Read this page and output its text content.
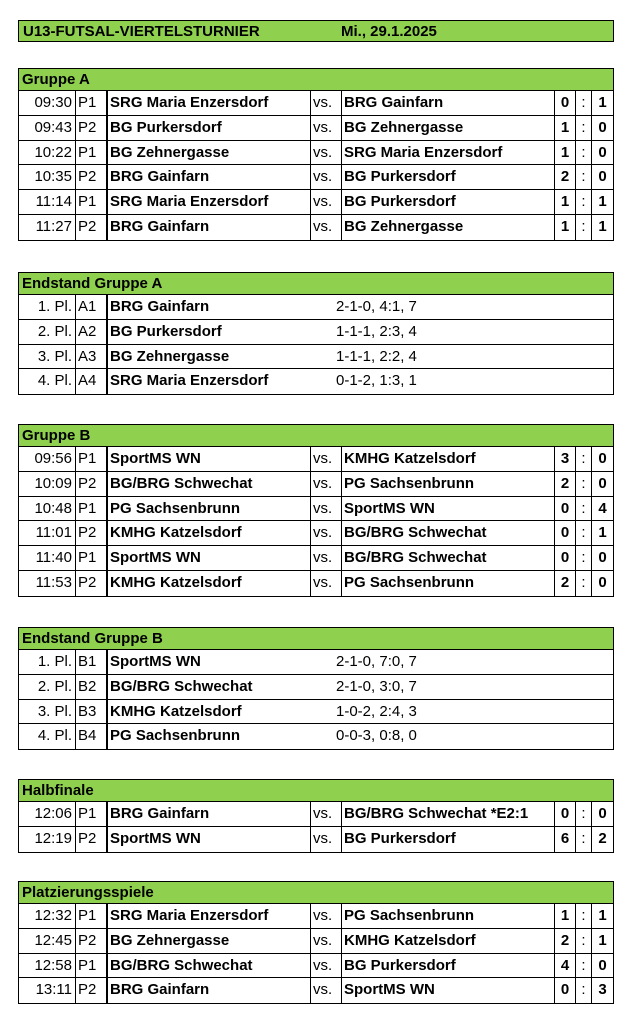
U13-FUTSAL-VIERTELSTURNIER	Mi., 29.1.2025
Gruppe A
09:30 P1 SRG Maria Enzersdorf	vs. BRG Gainfarn	0 : 1
09:43 P2 BG Purkersdorf	vs. BG Zehnergasse	1 : 0
10:22 P1 BG Zehnergasse	vs. SRG Maria Enzersdorf	1 : 0
10:35 P2 BRG Gainfarn	vs. BG Purkersdorf	2 : 0
11:14 P1 SRG Maria Enzersdorf	vs. BG Purkersdorf	1 : 1
11:27 P2 BRG Gainfarn	vs. BG Zehnergasse	1 : 1
Endstand Gruppe A
1. Pl. A1 BRG Gainfarn	2-1-0, 4:1, 7
2. Pl. A2 BG Purkersdorf	1-1-1, 2:3, 4
3. Pl. A3 BG Zehnergasse	1-1-1, 2:2, 4
4. Pl. A4 SRG Maria Enzersdorf	0-1-2, 1:3, 1
Gruppe B
09:56 P1 SportMS WN	vs. KMHG Katzelsdorf	3 : 0
10:09 P2 BG/BRG Schwechat	vs. PG Sachsenbrunn	2 : 0
10:48 P1 PG Sachsenbrunn	vs. SportMS WN	0 : 4
11:01 P2 KMHG Katzelsdorf	vs. BG/BRG Schwechat	0 : 1
11:40 P1 SportMS WN	vs. BG/BRG Schwechat	0 : 0
11:53 P2 KMHG Katzelsdorf	vs. PG Sachsenbrunn	2 : 0
Endstand Gruppe B
1. Pl. B1 SportMS WN	2-1-0, 7:0, 7
2. Pl. B2 BG/BRG Schwechat	2-1-0, 3:0, 7
3. Pl. B3 KMHG Katzelsdorf	1-0-2, 2:4, 3
4. Pl. B4 PG Sachsenbrunn	0-0-3, 0:8, 0
Halbfinale
12:06 P1 BRG Gainfarn	vs. BG/BRG Schwechat *E2:1	0 : 0
12:19 P2 SportMS WN	vs. BG Purkersdorf	6 : 2
Platzierungsspiele
12:32 P1 SRG Maria Enzersdorf	vs. PG Sachsenbrunn	1 : 1
12:45 P2 BG Zehnergasse	vs. KMHG Katzelsdorf	2 : 1
12:58 P1 BG/BRG Schwechat	vs. BG Purkersdorf	4 : 0
13:11 P2 BRG Gainfarn	vs. SportMS WN	0 : 3
